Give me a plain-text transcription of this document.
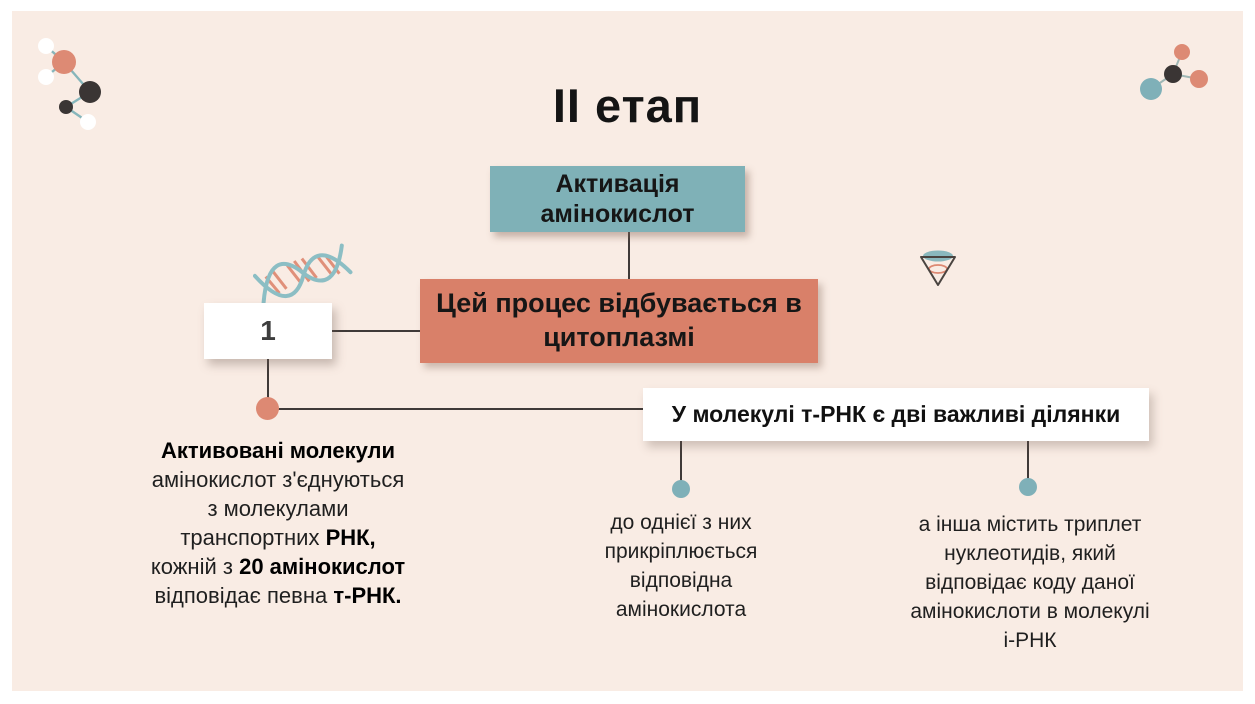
ІІ етап
Активація амінокислот
Цей процес відбувається в цитоплазмі
1
У молекулі т-РНК є дві важливі ділянки
Активовані молекули
амінокислот з'єднуються
з молекулами
транспортних РНК,
кожній з 20 амінокислот
відповідає певна т-РНК.
до однієї з них
прикріплюється
відповідна
амінокислота
а інша містить триплет
нуклеотидів, який
відповідає коду даної
амінокислоти в молекулі
і-РНК
